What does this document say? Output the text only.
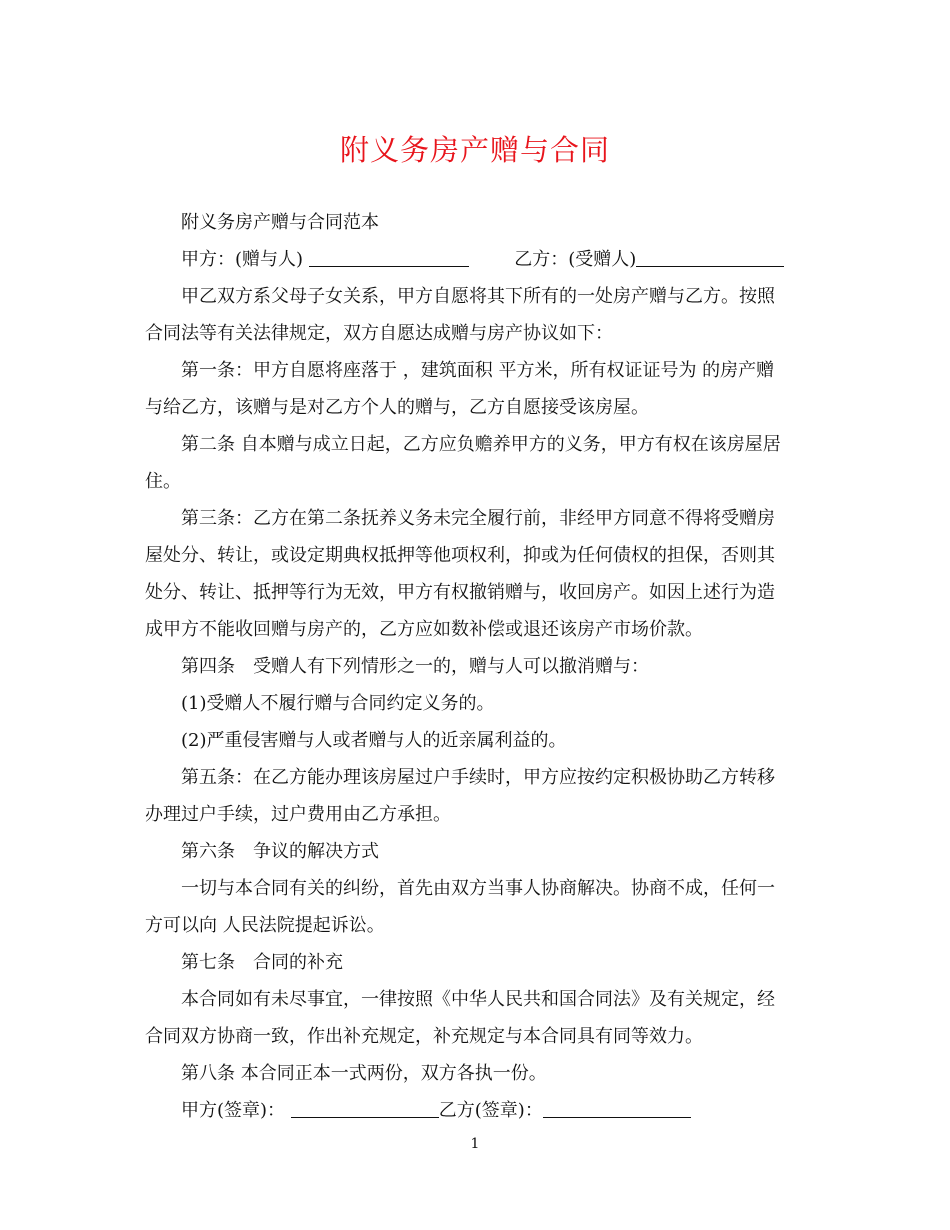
附义务房产赠与合同
附义务房产赠与合同范本
甲方：(赠与人)	乙方：(受赠人)
甲乙双方系父母子女关系，甲方自愿将其下所有的一处房产赠与乙方。按照
合同法等有关法律规定，双方自愿达成赠与房产协议如下：
第一条：甲方自愿将座落于 ，建筑面积 平方米，所有权证证号为 的房产赠
与给乙方，该赠与是对乙方个人的赠与，乙方自愿接受该房屋。
第二条 自本赠与成立日起，乙方应负赡养甲方的义务，甲方有权在该房屋居
住。
第三条：乙方在第二条抚养义务未完全履行前，非经甲方同意不得将受赠房
屋处分、转让，或设定期典权抵押等他项权利，抑或为任何债权的担保，否则其
处分、转让、抵押等行为无效，甲方有权撤销赠与，收回房产。如因上述行为造
成甲方不能收回赠与房产的，乙方应如数补偿或退还该房产市场价款。
第四条　受赠人有下列情形之一的，赠与人可以撤消赠与：
(1)受赠人不履行赠与合同约定义务的。
(2)严重侵害赠与人或者赠与人的近亲属利益的。
第五条：在乙方能办理该房屋过户手续时，甲方应按约定积极协助乙方转移
办理过户手续，过户费用由乙方承担。
第六条　争议的解决方式
一切与本合同有关的纠纷，首先由双方当事人协商解决。协商不成，任何一
方可以向 人民法院提起诉讼。
第七条　合同的补充
本合同如有未尽事宜，一律按照《中华人民共和国合同法》及有关规定，经
合同双方协商一致，作出补充规定，补充规定与本合同具有同等效力。
第八条 本合同正本一式两份，双方各执一份。
甲方(签章)：	乙方(签章)：
1
